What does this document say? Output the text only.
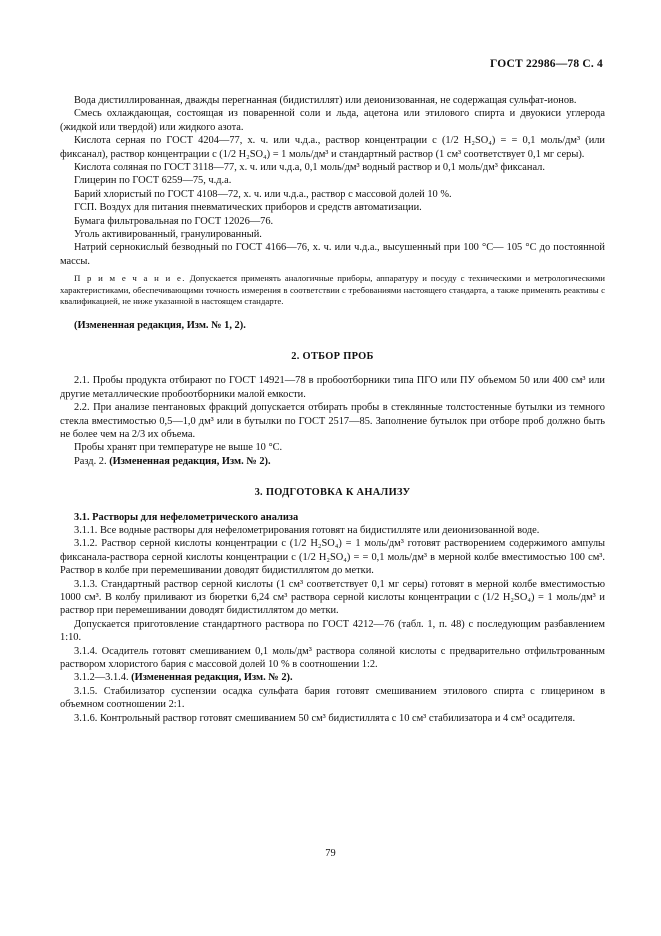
ГОСТ 22986—78 С. 4

Вода дистиллированная, дважды перегнанная (бидистиллят) или деионизованная, не содержащая сульфат-ионов.

Смесь охлаждающая, состоящая из поваренной соли и льда, ацетона или этилового спирта и двуокиси углерода (жидкой или твердой) или жидкого азота.

Кислота серная по ГОСТ 4204—77, х. ч. или ч.д.а., раствор концентрации c (1/2 H₂SO₄) = = 0,1 моль/дм³ (или фиксанал), раствор концентрации c (1/2 H₂SO₄) = 1 моль/дм³ и стандартный раствор (1 см³ соответствует 0,1 мг серы).

Кислота соляная по ГОСТ 3118—77, х. ч. или ч.д.а, 0,1 моль/дм³ водный раствор и 0,1 моль/дм³ фиксанал.

Глицерин по ГОСТ 6259—75, ч.д.а.

Барий хлористый по ГОСТ 4108—72, х. ч. или ч.д.а., раствор с массовой долей 10 %.

ГСП. Воздух для питания пневматических приборов и средств автоматизации.

Бумага фильтровальная по ГОСТ 12026—76.

Уголь активированный, гранулированный.

Натрий сернокислый безводный по ГОСТ 4166—76, х. ч. или ч.д.а., высушенный при 100 °С— 105 °С до постоянной массы.

П р и м е ч а н и е. Допускается применять аналогичные приборы, аппаратуру и посуду с техническими и метрологическими характеристиками, обеспечивающими точность измерения в соответствии с требованиями настоящего стандарта, а также применять реактивы с квалификацией, не ниже указанной в настоящем стандарте.

(Измененная редакция, Изм. № 1, 2).

2. ОТБОР ПРОБ

2.1. Пробы продукта отбирают по ГОСТ 14921—78 в пробоотборники типа ПГО или ПУ объемом 50 или 400 см³ или другие металлические пробоотборники малой емкости.

2.2. При анализе пентановых фракций допускается отбирать пробы в стеклянные толстостенные бутылки из темного стекла вместимостью 0,5—1,0 дм³ или в бутылки по ГОСТ 2517—85. Заполнение бутылок при отборе проб должно быть не более чем на 2/3 их объема.

Пробы хранят при температуре не выше 10 °С.

Разд. 2. (Измененная редакция, Изм. № 2).

3. ПОДГОТОВКА К АНАЛИЗУ

3.1. Растворы для нефелометрического анализа

3.1.1. Все водные растворы для нефелометрирования готовят на бидистилляте или деионизованной воде.

3.1.2. Раствор серной кислоты концентрации c (1/2 H₂SO₄) = 1 моль/дм³ готовят растворением содержимого ампулы фиксанала-раствора серной кислоты концентрации c (1/2 H₂SO₄) = = 0,1 моль/дм³ в мерной колбе вместимостью 100 см³. Раствор в колбе при перемешивании доводят бидистиллятом до метки.

3.1.3. Стандартный раствор серной кислоты (1 см³ соответствует 0,1 мг серы) готовят в мерной колбе вместимостью 1000 см³. В колбу приливают из бюретки 6,24 см³ раствора серной кислоты концентрации c (1/2 H₂SO₄) = 1 моль/дм³ и раствор при перемешивании доводят бидистиллятом до метки.

Допускается приготовление стандартного раствора по ГОСТ 4212—76 (табл. 1, п. 48) с последующим разбавлением 1:10.

3.1.4. Осадитель готовят смешиванием 0,1 моль/дм³ раствора соляной кислоты с предварительно отфильтрованным раствором хлористого бария с массовой долей 10 % в соотношении 1:2.

3.1.2—3.1.4. (Измененная редакция, Изм. № 2).

3.1.5. Стабилизатор суспензии осадка сульфата бария готовят смешиванием этилового спирта с глицерином в объемном соотношении 2:1.

3.1.6. Контрольный раствор готовят смешиванием 50 см³ бидистиллята с 10 см³ стабилизатора и 4 см³ осадителя.

79
